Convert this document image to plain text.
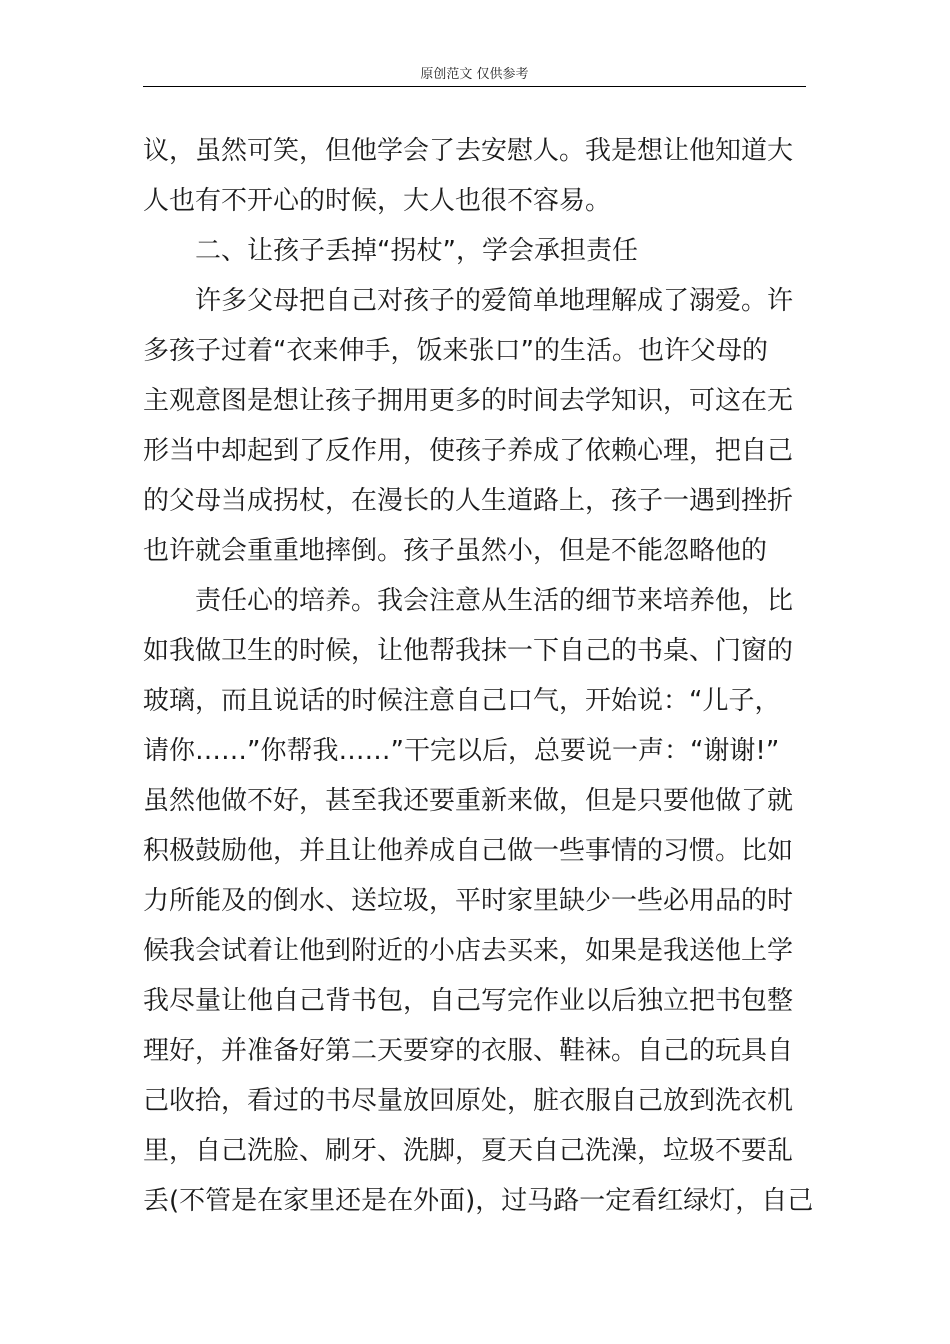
原创范文 仅供参考
议，虽然可笑，但他学会了去安慰人。我是想让他知道大
人也有不开心的时候，大人也很不容易。
二、让孩子丢掉“拐杖”，学会承担责任
许多父母把自己对孩子的爱简单地理解成了溺爱。许
多孩子过着“衣来伸手，饭来张口”的生活。也许父母的
主观意图是想让孩子拥用更多的时间去学知识，可这在无
形当中却起到了反作用，使孩子养成了依赖心理，把自己
的父母当成拐杖，在漫长的人生道路上，孩子一遇到挫折
也许就会重重地摔倒。孩子虽然小，但是不能忽略他的
责任心的培养。我会注意从生活的细节来培养他，比
如我做卫生的时候，让他帮我抹一下自己的书桌、门窗的
玻璃，而且说话的时候注意自己口气，开始说：“儿子，
请你……”你帮我……”干完以后，总要说一声：“谢谢!”
虽然他做不好，甚至我还要重新来做，但是只要他做了就
积极鼓励他，并且让他养成自己做一些事情的习惯。比如
力所能及的倒水、送垃圾，平时家里缺少一些必用品的时
候我会试着让他到附近的小店去买来，如果是我送他上学
我尽量让他自己背书包，自己写完作业以后独立把书包整
理好，并准备好第二天要穿的衣服、鞋袜。自己的玩具自
己收拾，看过的书尽量放回原处，脏衣服自己放到洗衣机
里，自己洗脸、刷牙、洗脚，夏天自己洗澡，垃圾不要乱
丢(不管是在家里还是在外面)，过马路一定看红绿灯，自己
